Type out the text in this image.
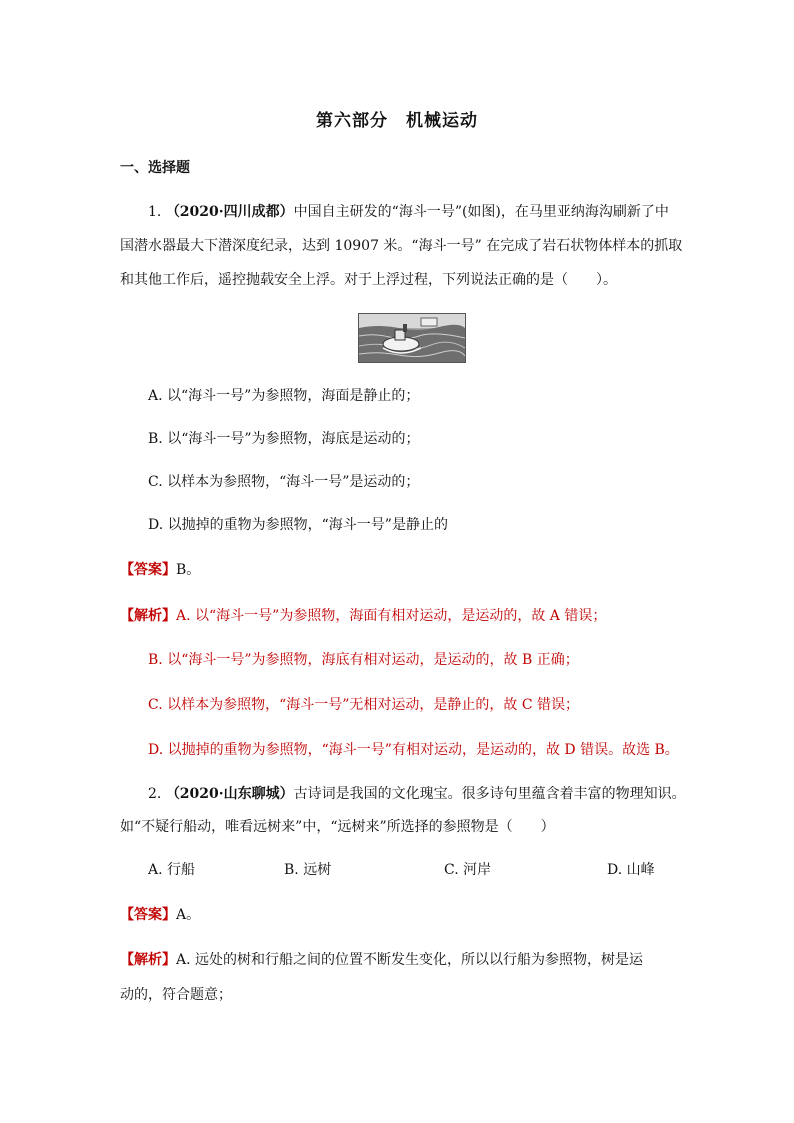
第六部分　机械运动
一、选择题
1. （2020·四川成都）中国自主研发的“海斗一号”(如图)，在马里亚纳海沟刷新了中
国潜水器最大下潜深度纪录，达到 10907 米。“海斗一号” 在完成了岩石状物体样本的抓取
和其他工作后，遥控抛载安全上浮。对于上浮过程，下列说法正确的是（　　）。
A. 以“海斗一号”为参照物，海面是静止的；
B. 以“海斗一号”为参照物，海底是运动的；
C. 以样本为参照物，“海斗一号”是运动的；
D. 以抛掉的重物为参照物，“海斗一号”是静止的
【答案】B。
【解析】A. 以“海斗一号”为参照物，海面有相对运动，是运动的，故 A 错误；
B. 以“海斗一号”为参照物，海底有相对运动，是运动的，故 B 正确；
C. 以样本为参照物，“海斗一号”无相对运动，是静止的，故 C 错误；
D. 以抛掉的重物为参照物，“海斗一号”有相对运动，是运动的，故 D 错误。故选 B。
2. （2020·山东聊城）古诗词是我国的文化瑰宝。很多诗句里蕴含着丰富的物理知识。
如“不疑行船动，唯看远树来”中，“远树来”所选择的参照物是（　　）
A. 行船	B. 远树	C. 河岸	D. 山峰
【答案】A。
【解析】A. 远处的树和行船之间的位置不断发生变化，所以以行船为参照物，树是运
动的，符合题意；
